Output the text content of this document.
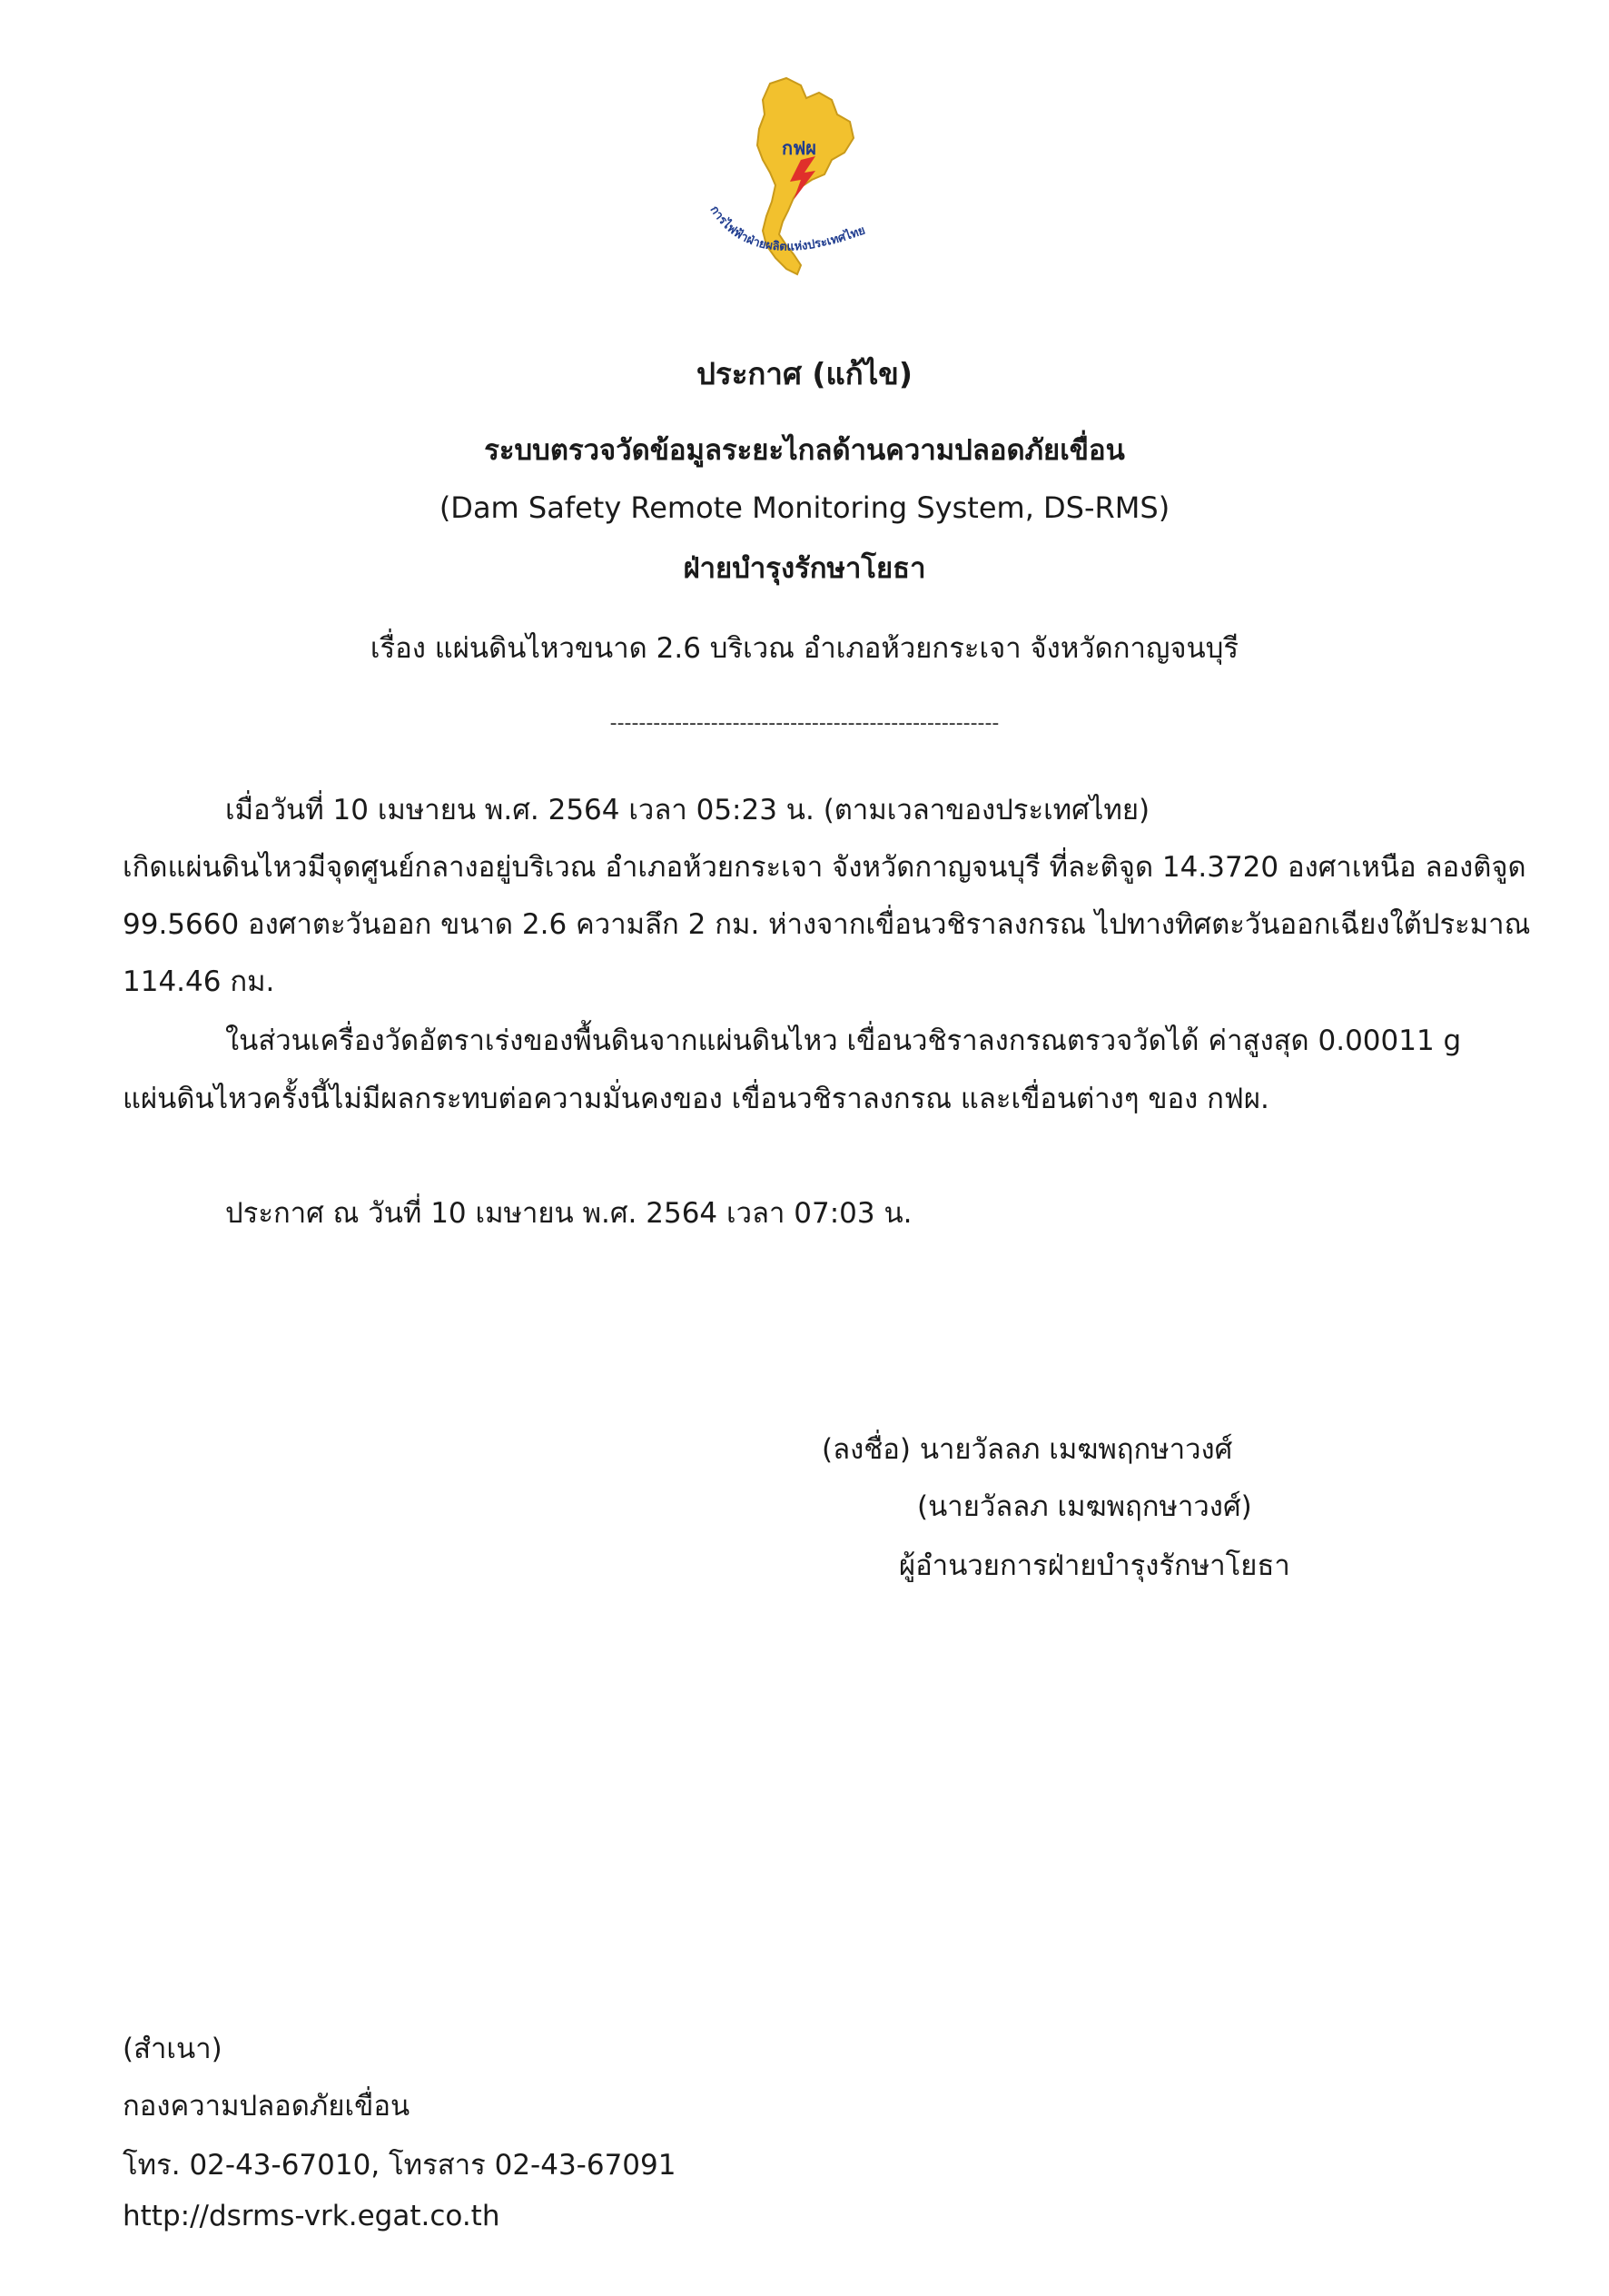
กฟผ
การไฟฟ้าฝ่ายผลิตแห่งประเทศไทย
ประกาศ (แก้ไข)
ระบบตรวจวัดข้อมูลระยะไกลด้านความปลอดภัยเขื่อน
(Dam Safety Remote Monitoring System, DS-RMS)
ฝ่ายบำรุงรักษาโยธา
เรื่อง แผ่นดินไหวขนาด 2.6 บริเวณ อำเภอห้วยกระเจา จังหวัดกาญจนบุรี
------------------------------------------------------
เมื่อวันที่ 10 เมษายน พ.ศ. 2564 เวลา 05:23 น. (ตามเวลาของประเทศไทย)
เกิดแผ่นดินไหวมีจุดศูนย์กลางอยู่บริเวณ อำเภอห้วยกระเจา จังหวัดกาญจนบุรี ที่ละติจูด 14.3720 องศาเหนือ ลองติจูด
99.5660 องศาตะวันออก ขนาด 2.6 ความลึก 2 กม. ห่างจากเขื่อนวชิราลงกรณ ไปทางทิศตะวันออกเฉียงใต้ประมาณ
114.46 กม.
ในส่วนเครื่องวัดอัตราเร่งของพื้นดินจากแผ่นดินไหว เขื่อนวชิราลงกรณตรวจวัดได้ ค่าสูงสุด 0.00011 g
แผ่นดินไหวครั้งนี้ไม่มีผลกระทบต่อความมั่นคงของ เขื่อนวชิราลงกรณ และเขื่อนต่างๆ ของ กฟผ.
ประกาศ ณ วันที่ 10 เมษายน พ.ศ. 2564 เวลา 07:03 น.
(ลงชื่อ) นายวัลลภ เมฆพฤกษาวงศ์
(นายวัลลภ เมฆพฤกษาวงศ์)
ผู้อำนวยการฝ่ายบำรุงรักษาโยธา
(สำเนา)
กองความปลอดภัยเขื่อน
โทร. 02-43-67010, โทรสาร 02-43-67091
http://dsrms-vrk.egat.co.th
